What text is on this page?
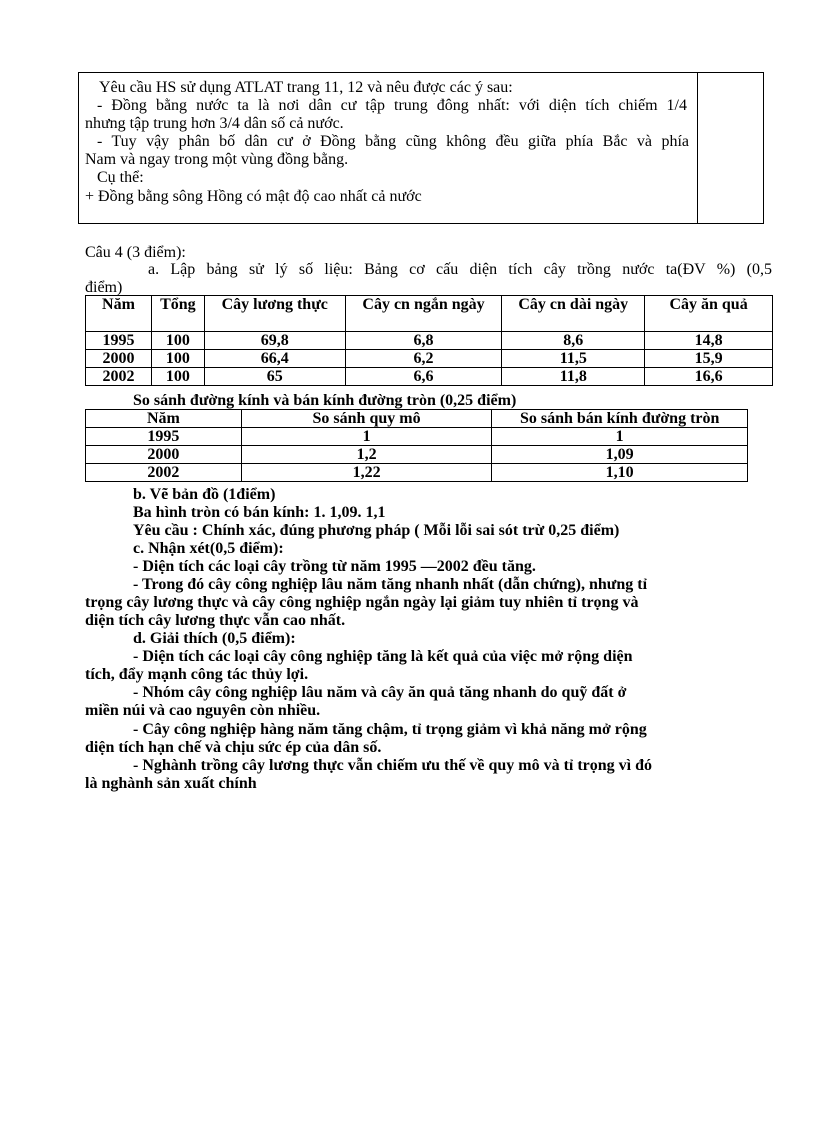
Yêu cầu HS sử dụng ATLAT trang 11, 12 và nêu được các ý sau:
- Đồng bằng nước ta là nơi dân cư tập trung đông nhất: với diện tích chiếm 1/4
nhưng tập trung hơn 3/4 dân số cả nước.
- Tuy vậy phân bố dân cư ở Đồng bằng cũng không đều giữa phía Bắc và phía
Nam và ngay trong một vùng đồng bằng.
Cụ thể:
+ Đồng bằng sông Hồng có mật độ cao nhất cả nước
Câu 4 (3 điểm):
a. Lập bảng sử lý số liệu: Bảng cơ cấu diện tích cây trồng nước ta(ĐV %) (0,5
điểm)
Năm	Tổng	Cây lương thực	Cây cn ngắn ngày	Cây cn dài ngày	Cây ăn quả
1995	100	69,8	6,8	8,6	14,8
2000	100	66,4	6,2	11,5	15,9
2002	100	65	6,6	11,8	16,6
So sánh đường kính và bán kính đường tròn (0,25 điểm)
Năm	So sánh quy mô	So sánh bán kính đường tròn
1995	1	1
2000	1,2	1,09
2002	1,22	1,10
b. Vẽ bản đồ (1điểm)
Ba hình tròn có bán kính: 1. 1,09. 1,1
Yêu cầu : Chính xác, đúng phương pháp ( Mỗi lỗi sai sót trừ 0,25 điểm)
c. Nhận xét(0,5 điểm):
- Diện tích các loại cây trồng từ năm 1995 —2002 đều tăng.
- Trong đó cây công nghiệp lâu năm tăng nhanh nhất (dẫn chứng), nhưng tỉ
trọng cây lương thực và cây công nghiệp ngắn ngày lại giảm tuy nhiên tỉ trọng và
diện tích cây lương thực vẫn cao nhất.
d. Giải thích (0,5 điểm):
- Diện tích các loại cây công nghiệp tăng là kết quả của việc mở rộng diện
tích, đẩy mạnh công tác thủy lợi.
- Nhóm cây công nghiệp lâu năm và cây ăn quả tăng nhanh do quỹ đất ở
miền núi và cao nguyên còn nhiều.
- Cây công nghiệp hàng năm tăng chậm, tỉ trọng giảm vì khả năng mở rộng
diện tích hạn chế và chịu sức ép của dân số.
- Nghành trồng cây lương thực vẫn chiếm ưu thế về quy mô và tỉ trọng vì đó
là nghành sản xuất chính
